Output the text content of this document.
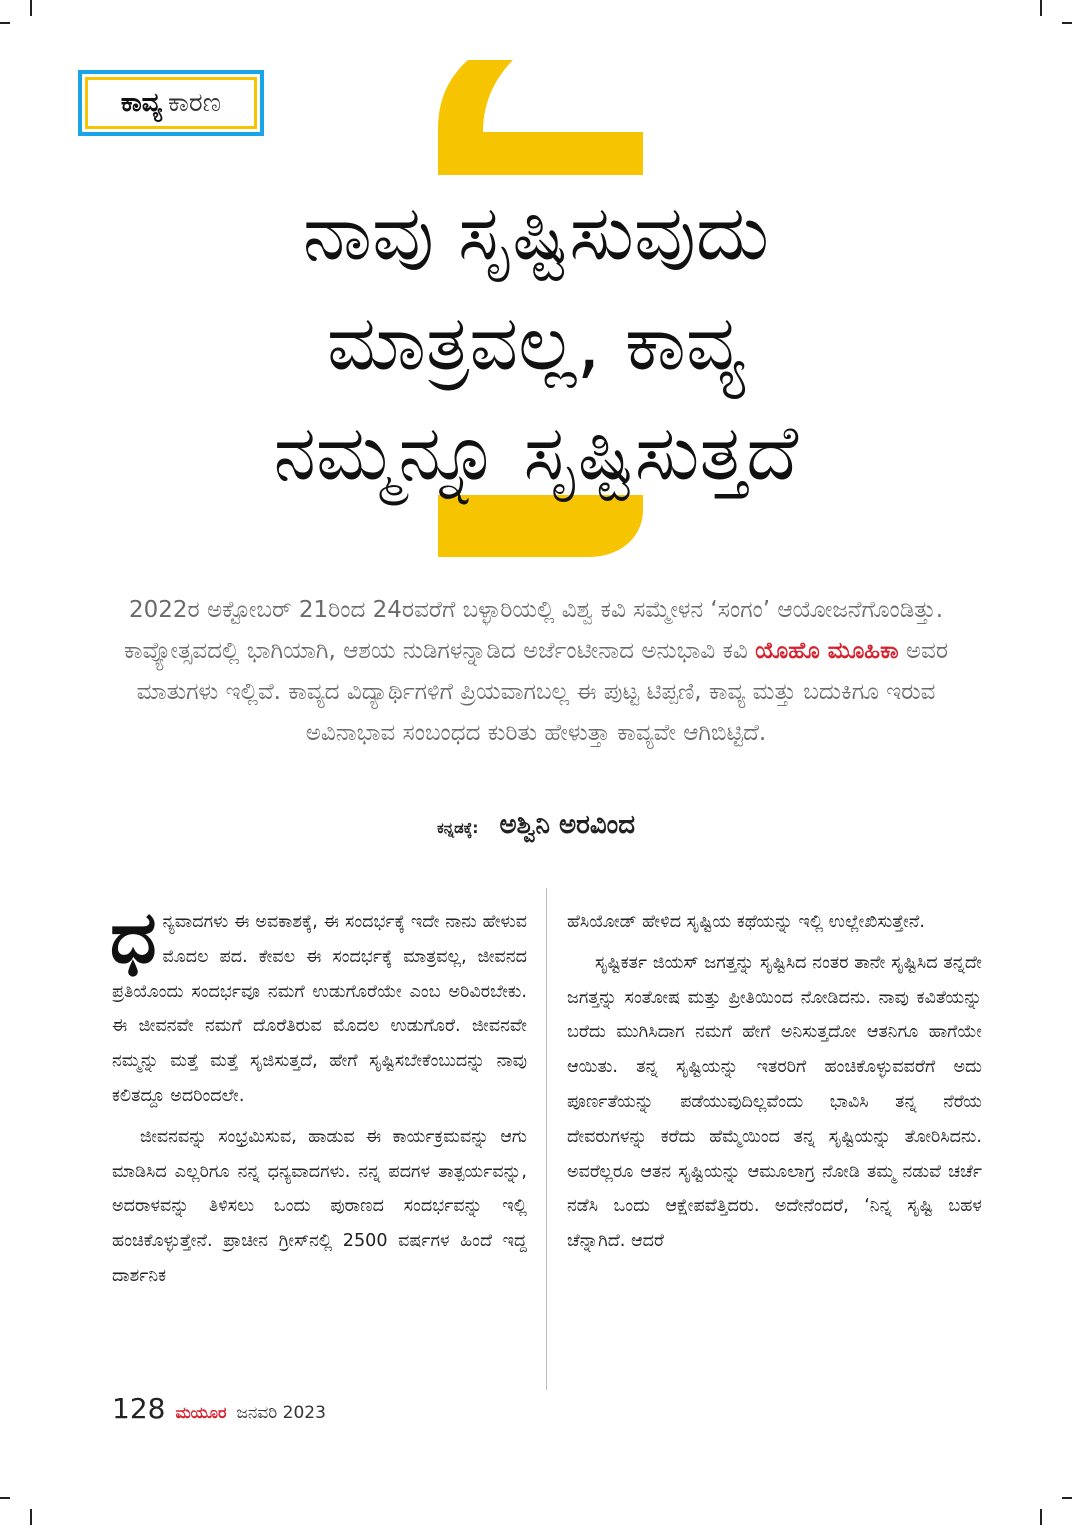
ಕಾವ್ಯ ಕಾರಣ
ನಾವು ಸೃಷ್ಟಿಸುವುದು
ಮಾತ್ರವಲ್ಲ, ಕಾವ್ಯ
ನಮ್ಮನ್ನೂ ಸೃಷ್ಟಿಸುತ್ತದೆ
2022ರ ಅಕ್ಟೋಬರ್ 21ರಿಂದ 24ರವರೆಗೆ ಬಳ್ಳಾರಿಯಲ್ಲಿ ವಿಶ್ವ ಕವಿ ಸಮ್ಮೇಳನ ‘ಸಂಗಂ’ ಆಯೋಜನೆಗೊಂಡಿತ್ತು. ಕಾವ್ಯೋತ್ಸವದಲ್ಲಿ ಭಾಗಿಯಾಗಿ, ಆಶಯ ನುಡಿಗಳನ್ನಾಡಿದ ಅರ್ಜೆಂಟೀನಾದ ಅನುಭಾವಿ ಕವಿ ಯೊಹೊ ಮೂಹಿಕಾ ಅವರ ಮಾತುಗಳು ಇಲ್ಲಿವೆ. ಕಾವ್ಯದ ವಿದ್ಯಾರ್ಥಿಗಳಿಗೆ ಪ್ರಿಯವಾಗಬಲ್ಲ ಈ ಪುಟ್ಟ ಟಿಪ್ಪಣಿ, ಕಾವ್ಯ ಮತ್ತು ಬದುಕಿಗೂ ಇರುವ ಅವಿನಾಭಾವ ಸಂಬಂಧದ ಕುರಿತು ಹೇಳುತ್ತಾ ಕಾವ್ಯವೇ ಆಗಿಬಿಟ್ಟಿದೆ.
ಕನ್ನಡಕ್ಕೆ: ಅಶ್ವಿನಿ ಅರವಿಂದ

ಧನ್ಯವಾದಗಳು ಈ ಅವಕಾಶಕ್ಕೆ, ಈ ಸಂದರ್ಭಕ್ಕೆ ಇದೇ ನಾನು ಹೇಳುವ ಮೊದಲ ಪದ. ಕೇವಲ ಈ ಸಂದರ್ಭಕ್ಕೆ ಮಾತ್ರವಲ್ಲ, ಜೀವನದ ಪ್ರತಿಯೊಂದು ಸಂದರ್ಭವೂ ನಮಗೆ ಉಡುಗೊರೆಯೇ ಎಂಬ ಅರಿವಿರಬೇಕು. ಈ ಜೀವನವೇ ನಮಗೆ ದೊರೆತಿರುವ ಮೊದಲ ಉಡುಗೊರೆ. ಜೀವನವೇ ನಮ್ಮನ್ನು ಮತ್ತೆ ಮತ್ತೆ ಸೃಜಿಸುತ್ತದೆ, ಹೇಗೆ ಸೃಷ್ಟಿಸಬೇಕೆಂಬುದನ್ನು ನಾವು ಕಲಿತದ್ದೂ ಅದರಿಂದಲೇ.

ಜೀವನವನ್ನು ಸಂಭ್ರಮಿಸುವ, ಹಾಡುವ ಈ ಕಾರ್ಯಕ್ರಮವನ್ನು ಆಗು ಮಾಡಿಸಿದ ಎಲ್ಲರಿಗೂ ನನ್ನ ಧನ್ಯವಾದಗಳು. ನನ್ನ ಪದಗಳ ತಾತ್ಪರ್ಯವನ್ನು, ಅದರಾಳವನ್ನು ತಿಳಿಸಲು ಒಂದು ಪುರಾಣದ ಸಂದರ್ಭವನ್ನು ಇಲ್ಲಿ ಹಂಚಿಕೊಳ್ಳುತ್ತೇನೆ. ಪ್ರಾಚೀನ ಗ್ರೀಸ್‌ನಲ್ಲಿ 2500 ವರ್ಷಗಳ ಹಿಂದೆ ಇದ್ದ ದಾರ್ಶನಿಕ

ಹೆಸಿಯೋಡ್ ಹೇಳಿದ ಸೃಷ್ಟಿಯ ಕಥೆಯನ್ನು ಇಲ್ಲಿ ಉಲ್ಲೇಖಿಸುತ್ತೇನೆ.

ಸೃಷ್ಟಿಕರ್ತ ಜಿಯಸ್ ಜಗತ್ತನ್ನು ಸೃಷ್ಟಿಸಿದ ನಂತರ ತಾನೇ ಸೃಷ್ಟಿಸಿದ ತನ್ನದೇ ಜಗತ್ತನ್ನು ಸಂತೋಷ ಮತ್ತು ಪ್ರೀತಿಯಿಂದ ನೋಡಿದನು. ನಾವು ಕವಿತೆಯನ್ನು ಬರೆದು ಮುಗಿಸಿದಾಗ ನಮಗೆ ಹೇಗೆ ಅನಿಸುತ್ತದೋ ಆತನಿಗೂ ಹಾಗೆಯೇ ಆಯಿತು. ತನ್ನ ಸೃಷ್ಟಿಯನ್ನು ಇತರರಿಗೆ ಹಂಚಿಕೊಳ್ಳುವವರೆಗೆ ಅದು ಪೂರ್ಣತೆಯನ್ನು ಪಡೆಯುವುದಿಲ್ಲವೆಂದು ಭಾವಿಸಿ ತನ್ನ ನೆರೆಯ ದೇವರುಗಳನ್ನು ಕರೆದು ಹೆಮ್ಮೆಯಿಂದ ತನ್ನ ಸೃಷ್ಟಿಯನ್ನು ತೋರಿಸಿದನು. ಅವರೆಲ್ಲರೂ ಆತನ ಸೃಷ್ಟಿಯನ್ನು ಆಮೂಲಾಗ್ರ ನೋಡಿ ತಮ್ಮ ನಡುವೆ ಚರ್ಚೆ ನಡೆಸಿ ಒಂದು ಆಕ್ಷೇಪವೆತ್ತಿದರು. ಅದೇನೆಂದರೆ, ‘ನಿನ್ನ ಸೃಷ್ಟಿ ಬಹಳ ಚೆನ್ನಾಗಿದೆ. ಆದರೆ

128 ಮಯೂರ ಜನವರಿ 2023
